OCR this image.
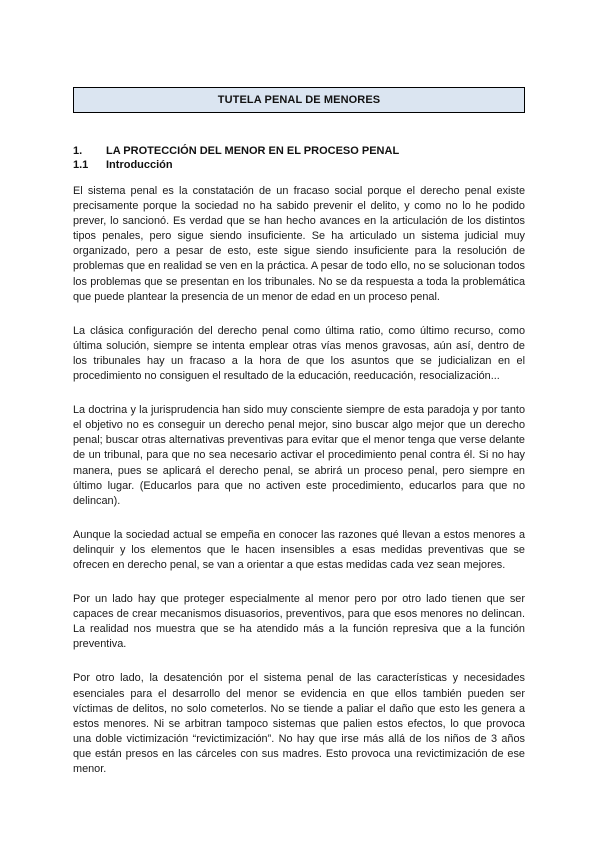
TUTELA PENAL DE MENORES
1. LA PROTECCIÓN DEL MENOR EN EL PROCESO PENAL
1.1 Introducción

El sistema penal es la constatación de un fracaso social porque el derecho penal existe precisamente porque la sociedad no ha sabido prevenir el delito, y como no lo he podido prever, lo sancionó. Es verdad que se han hecho avances en la articulación de los distintos tipos penales, pero sigue siendo insuficiente. Se ha articulado un sistema judicial muy organizado, pero a pesar de esto, este sigue siendo insuficiente para la resolución de problemas que en realidad se ven en la práctica. A pesar de todo ello, no se solucionan todos los problemas que se presentan en los tribunales. No se da respuesta a toda la problemática que puede plantear la presencia de un menor de edad en un proceso penal.

La clásica configuración del derecho penal como última ratio, como último recurso, como última solución, siempre se intenta emplear otras vías menos gravosas, aún así, dentro de los tribunales hay un fracaso a la hora de que los asuntos que se judicializan en el procedimiento no consiguen el resultado de la educación, reeducación, resocialización...

La doctrina y la jurisprudencia han sido muy consciente siempre de esta paradoja y por tanto el objetivo no es conseguir un derecho penal mejor, sino buscar algo mejor que un derecho penal; buscar otras alternativas preventivas para evitar que el menor tenga que verse delante de un tribunal, para que no sea necesario activar el procedimiento penal contra él. Si no hay manera, pues se aplicará el derecho penal, se abrirá un proceso penal, pero siempre en último lugar. (Educarlos para que no activen este procedimiento, educarlos para que no delincan).

Aunque la sociedad actual se empeña en conocer las razones qué llevan a estos menores a delinquir y los elementos que le hacen insensibles a esas medidas preventivas que se ofrecen en derecho penal, se van a orientar a que estas medidas cada vez sean mejores.

Por un lado hay que proteger especialmente al menor pero por otro lado tienen que ser capaces de crear mecanismos disuasorios, preventivos, para que esos menores no delincan. La realidad nos muestra que se ha atendido más a la función represiva que a la función preventiva.

Por otro lado, la desatención por el sistema penal de las características y necesidades esenciales para el desarrollo del menor se evidencia en que ellos también pueden ser víctimas de delitos, no solo cometerlos. No se tiende a paliar el daño que esto les genera a estos menores. Ni se arbitran tampoco sistemas que palien estos efectos, lo que provoca una doble victimización “revictimización”. No hay que irse más allá de los niños de 3 años que están presos en las cárceles con sus madres. Esto provoca una revictimización de ese menor.
